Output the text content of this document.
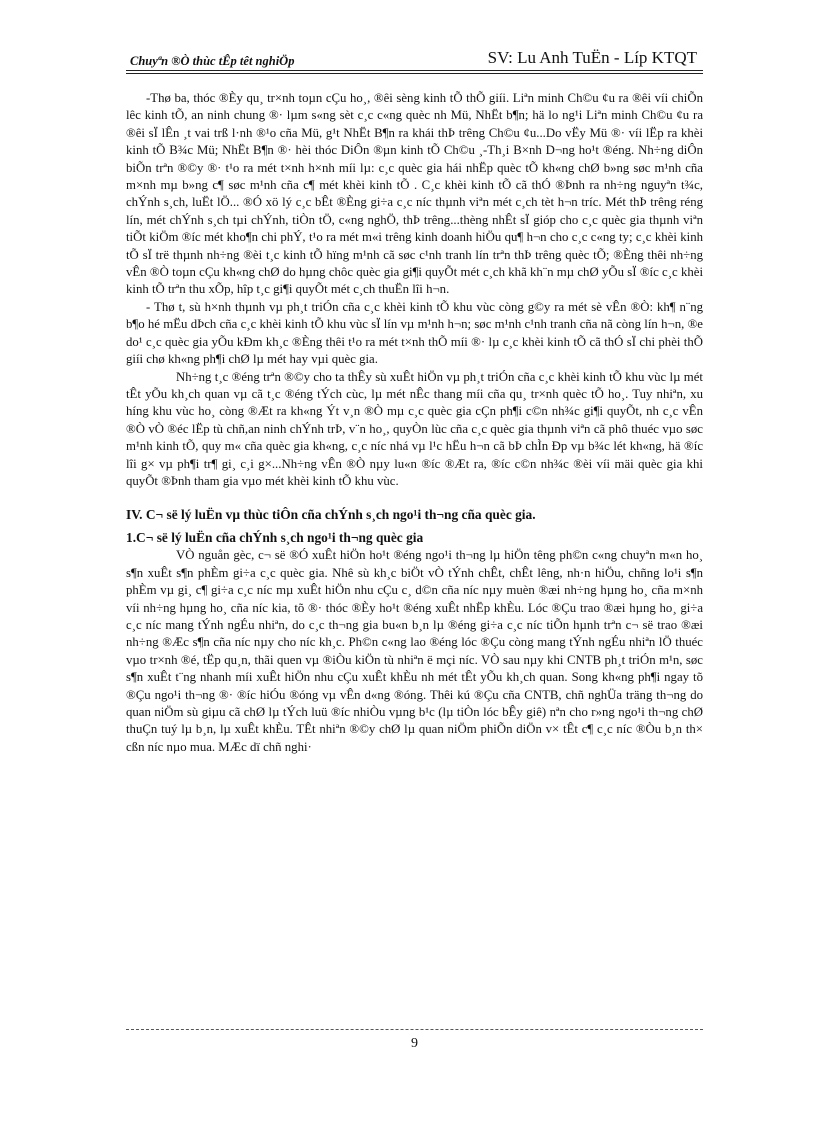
Chuyªn ®Ò thùc tÊp têt nghiÖp	SV: Lu Anh TuËn - Líp KTQT

-Thø ba, thóc ®Èy qu¸ tr×nh toµn cÇu ho¸, ®êi sèng kinh tÕ thÕ giíi. Liªn minh Ch©u ¢u ra ®êi víi chiÕn lêc kinh tÕ, an ninh chung ®· lµm s«ng sèt c¸c c«ng quèc nh Mü, NhËt b¶n; hä lo ng¹i Liªn minh Ch©u ¢u ra ®êi sÏ lÊn ¸t vai trß l·nh ®¹o cña Mü, g¹t NhËt B¶n ra khái thÞ trêng Ch©u ¢u...Do vËy Mü ®· víi lËp ra khèi kinh tÕ B¾c Mü; NhËt B¶n ®· hèi thóc DiÔn ®µn kinh tÕ Ch©u ¸-Th¸i B×nh D¬ng ho¹t ®éng. Nh÷ng diÔn biÕn trªn ®©y ®· t¹o ra mét t×nh h×nh míi lµ: c¸c quèc gia hái nhËp quèc tÕ kh«ng chØ b»ng søc m¹nh cña m×nh mµ b»ng c¶ søc m¹nh cña c¶ mét khèi kinh tÕ . C¸c khèi kinh tÕ cã thÓ ®Þnh ra nh÷ng nguyªn t¾c, chÝnh s¸ch, luËt lÖ... ®Ó xö lý c¸c bÊt ®Èng gi÷a c¸c níc thµnh viªn mét c¸ch tèt h¬n tríc. Mét thÞ trêng réng lín, mét chÝnh s¸ch tµi chÝnh, tiÒn tÖ, c«ng nghÖ, thÞ trêng...thèng nhÊt sÏ gióp cho c¸c quèc gia thµnh viªn tiÕt kiÖm ®íc mét kho¶n chi phÝ, t¹o ra mét m«i trêng kinh doanh hiÖu qu¶ h¬n cho c¸c c«ng ty; c¸c khèi kinh tÕ sÏ trë thµnh nh÷ng ®èi t¸c kinh tÕ hïng m¹nh cã søc c¹nh tranh lín trªn thÞ trêng quèc tÕ; ®Èng thêi nh÷ng vÊn ®Ò toµn cÇu kh«ng chØ do hµng chôc quèc gia gi¶i quyÕt mét c¸ch khã kh¨n mµ chØ yÕu sÏ ®íc c¸c khèi kinh tÕ trªn thu xÕp, hîp t¸c gi¶i quyÕt mét c¸ch thuËn lîi h¬n.

- Thø t, sù h×nh thµnh vµ ph¸t triÓn cña c¸c khèi kinh tÕ khu vùc còng g©y ra mét sè vÊn ®Ò: kh¶ n¨ng b¶o hé mËu dÞch cña c¸c khèi kinh tÕ khu vùc sÏ lín vµ m¹nh h¬n; søc m¹nh c¹nh tranh cña nã còng lín h¬n, ®e do¹ c¸c quèc gia yÕu kÐm kh¸c ®Èng thêi t¹o ra mét t×nh thÕ míi ®· lµ c¸c khèi kinh tÕ cã thÓ sÏ chi phèi thÕ giíi chø kh«ng ph¶i chØ lµ mét hay vµi quèc gia.

Nh÷ng t¸c ®éng trªn ®©y cho ta thÊy sù xuÊt hiÖn vµ ph¸t triÓn cña c¸c khèi kinh tÕ khu vùc lµ mét tÊt yÕu kh¸ch quan vµ cã t¸c ®éng tÝch cùc, lµ mét nÊc thang míi cña qu¸ tr×nh quèc tÕ ho¸. Tuy nhiªn, xu híng khu vùc ho¸ còng ®Æt ra kh«ng Ýt v¸n ®Ò mµ c¸c quèc gia cÇn ph¶i c©n nh¾c gi¶i quyÕt, nh c¸c vÊn ®Ò vÒ ®éc lËp tù chñ,an ninh chÝnh trÞ, v¨n ho¸, quyÒn lùc cña c¸c quèc gia thµnh viªn cã phô thuéc vµo søc m¹nh kinh tÕ, quy m« cña quèc gia kh«ng, c¸c níc nhá vµ l¹c hËu h¬n cã bÞ chÌn Ðp vµ b¾c lét kh«ng, hä ®íc lîi g× vµ ph¶i tr¶ gi¸ c¸i g×...Nh÷ng vÊn ®Ò nµy lu«n ®íc ®Æt ra, ®íc c©n nh¾c ®èi víi mäi quèc gia khi quyÕt ®Þnh tham gia vµo mét khèi kinh tÕ khu vùc.

IV. C¬ së lý luËn vµ thùc tiÔn cña chÝnh s¸ch ngo¹i th¬ng cña quèc gia.
1.C¬ së lý luËn cña chÝnh s¸ch ngo¹i th¬ng quèc gia

VÒ nguån gèc, c¬ së ®Ó xuÊt hiÖn ho¹t ®éng ngo¹i th¬ng lµ hiÖn têng ph©n c«ng chuyªn m«n ho¸ s¶n xuÊt s¶n phÈm gi÷a c¸c quèc gia. Nhê sù kh¸c biÖt vÒ tÝnh chÊt, chÊt lêng, nh·n hiÖu, chñng lo¹i s¶n phÈm vµ gi¸ c¶ gi÷a c¸c níc mµ xuÊt hiÖn nhu cÇu c¸ d©n cña níc nµy muèn ®æi nh÷ng hµng ho¸ cña m×nh víi nh÷ng hµng ho¸ cña níc kia, tõ ®· thóc ®Èy ho¹t ®éng xuÊt nhËp khÈu. Lóc ®Çu trao ®æi hµng ho¸ gi÷a c¸c níc mang tÝnh ngÉu nhiªn, do c¸c th¬ng gia bu«n b¸n lµ ®éng gi÷a c¸c níc tiÕn hµnh trªn c¬ së trao ®æi nh÷ng ®Æc s¶n cña níc nµy cho níc kh¸c. Ph©n c«ng lao ®éng lóc ®Çu còng mang tÝnh ngÉu nhiªn lÖ thuéc vµo tr×nh ®é, tËp qu¸n, thãi quen vµ ®iÒu kiÖn tù nhiªn ë mçi níc. VÒ sau nµy khi CNTB ph¸t triÓn m¹n, søc s¶n xuÊt t¨ng nhanh míi xuÊt hiÖn nhu cÇu xuÊt khÈu nh mét tÊt yÕu kh¸ch quan. Song kh«ng ph¶i ngay tõ ®Çu ngo¹i th¬ng ®· ®íc hiÓu ®óng vµ vÊn d«ng ®óng. Thêi kú ®Çu cña CNTB, chñ nghÜa träng th¬ng do quan niÖm sù giµu cã chØ lµ tÝch luü ®íc nhiÒu vµng b¹c (lµ tiÒn lóc bÊy giê) nªn cho r»ng ngo¹i th¬ng chØ thuÇn tuý lµ b¸n, lµ xuÊt khÈu. TÊt nhiªn ®©y chØ lµ quan niÖm phiÕn diÖn v× tÊt c¶ c¸c níc ®Òu b¸n th× cßn níc nµo mua. MÆc dï chñ nghi·

9
